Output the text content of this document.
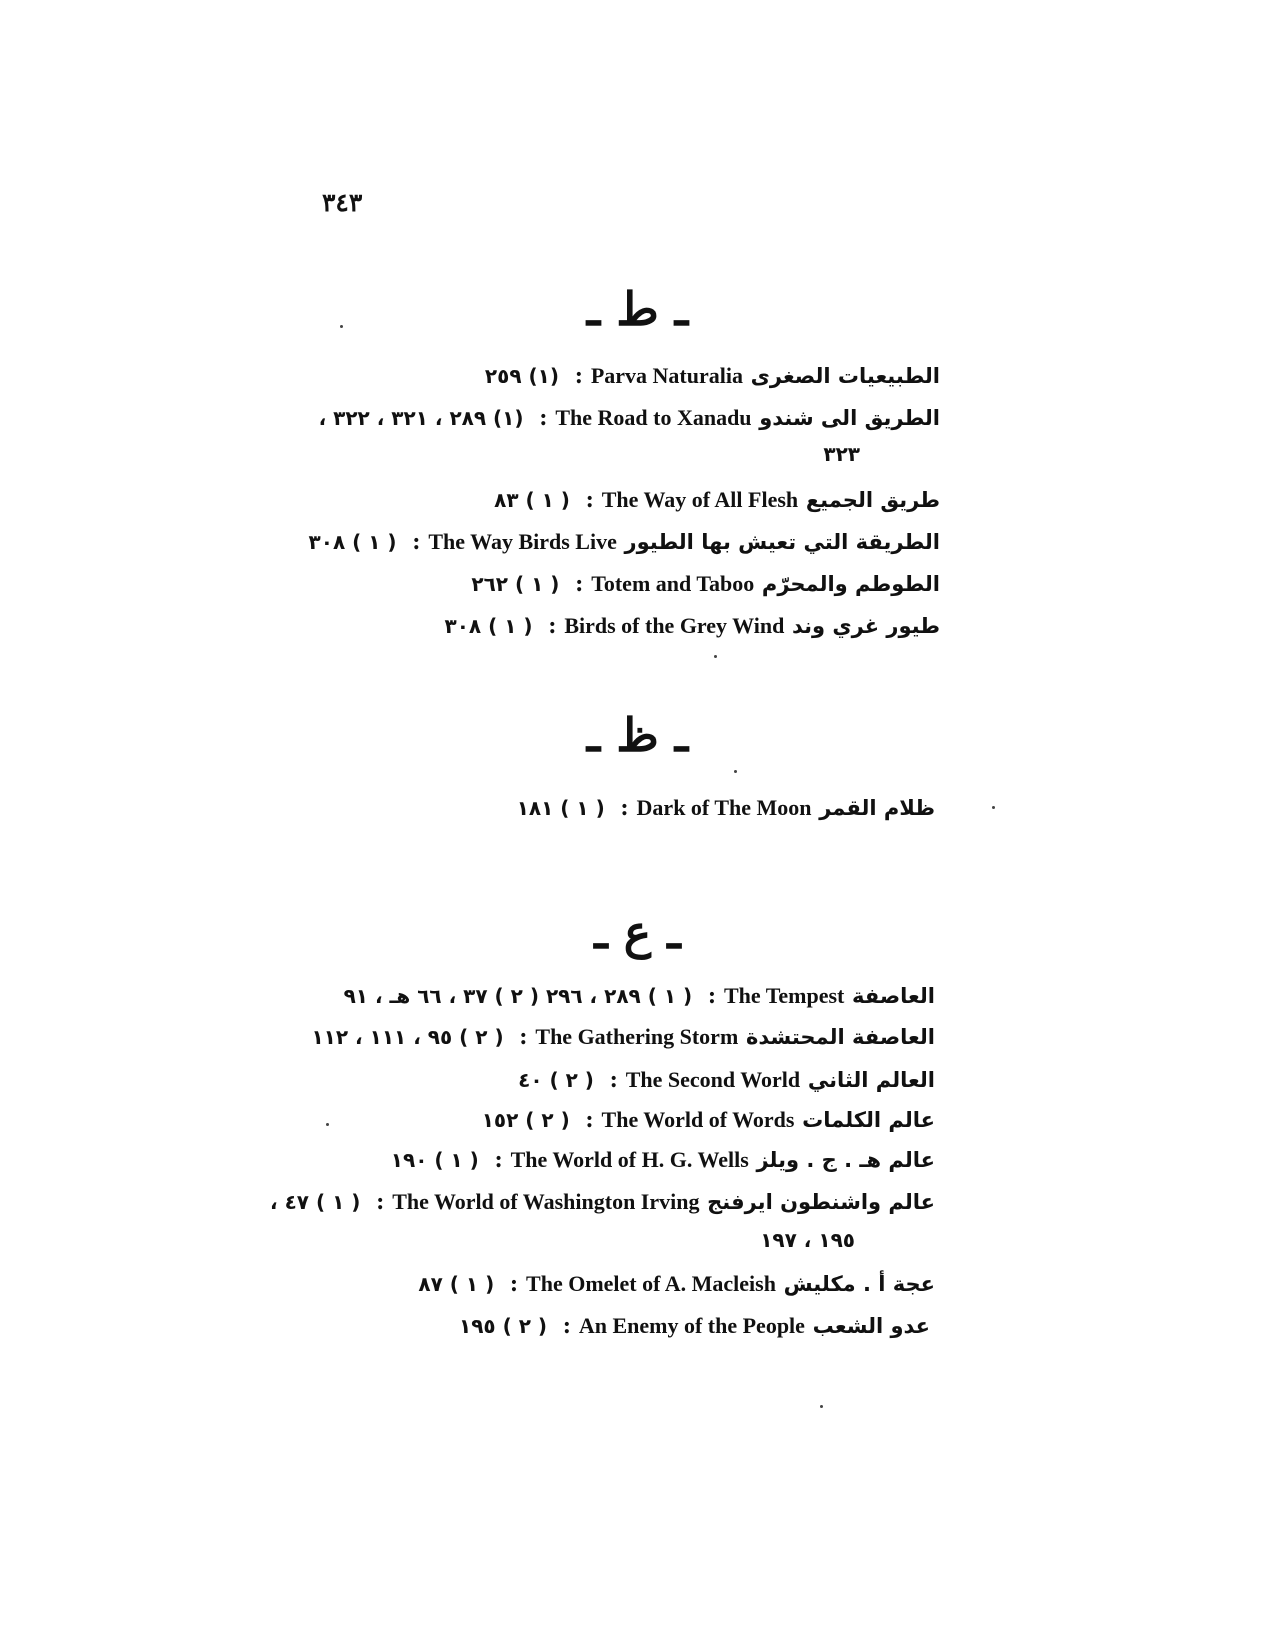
٣٤٣
ـ ط ـ
الطبيعيات الصغرى Parva Naturalia: (١) ٢٥٩
الطريق الى شندو The Road to Xanadu: (١) ٢٨٩ ، ٣٢١ ، ٣٢٢ ،
٣٢٣
طريق الجميع The Way of All Flesh: ( ١ ) ٨٣
الطريقة التي تعيش بها الطيور The Way Birds Live: ( ١ ) ٣٠٨
الطوطم والمحرّم Totem and Taboo: ( ١ ) ٢٦٢
طيور غري وند Birds of the Grey Wind: ( ١ ) ٣٠٨
ـ ظ ـ
ظلام القمر Dark of The Moon: ( ١ ) ١٨١
ـ ع ـ
العاصفة The Tempest: ( ١ ) ٢٨٩ ، ٢٩٦ ( ٢ ) ٣٧ ، ٦٦ هـ ، ٩١
العاصفة المحتشدة The Gathering Storm: ( ٢ ) ٩٥ ، ١١١ ، ١١٢
العالم الثاني The Second World: ( ٢ ) ٤٠
عالم الكلمات The World of Words: ( ٢ ) ١٥٢
عالم هـ . ج . ويلز The World of H. G. Wells: ( ١ ) ١٩٠
عالم واشنطون ايرفنج The World of Washington Irving: ( ١ ) ٤٧ ،
١٩٥ ، ١٩٧
عجة أ . مكليش The Omelet of A. Macleish: ( ١ ) ٨٧
عدو الشعب An Enemy of the People: ( ٢ ) ١٩٥
